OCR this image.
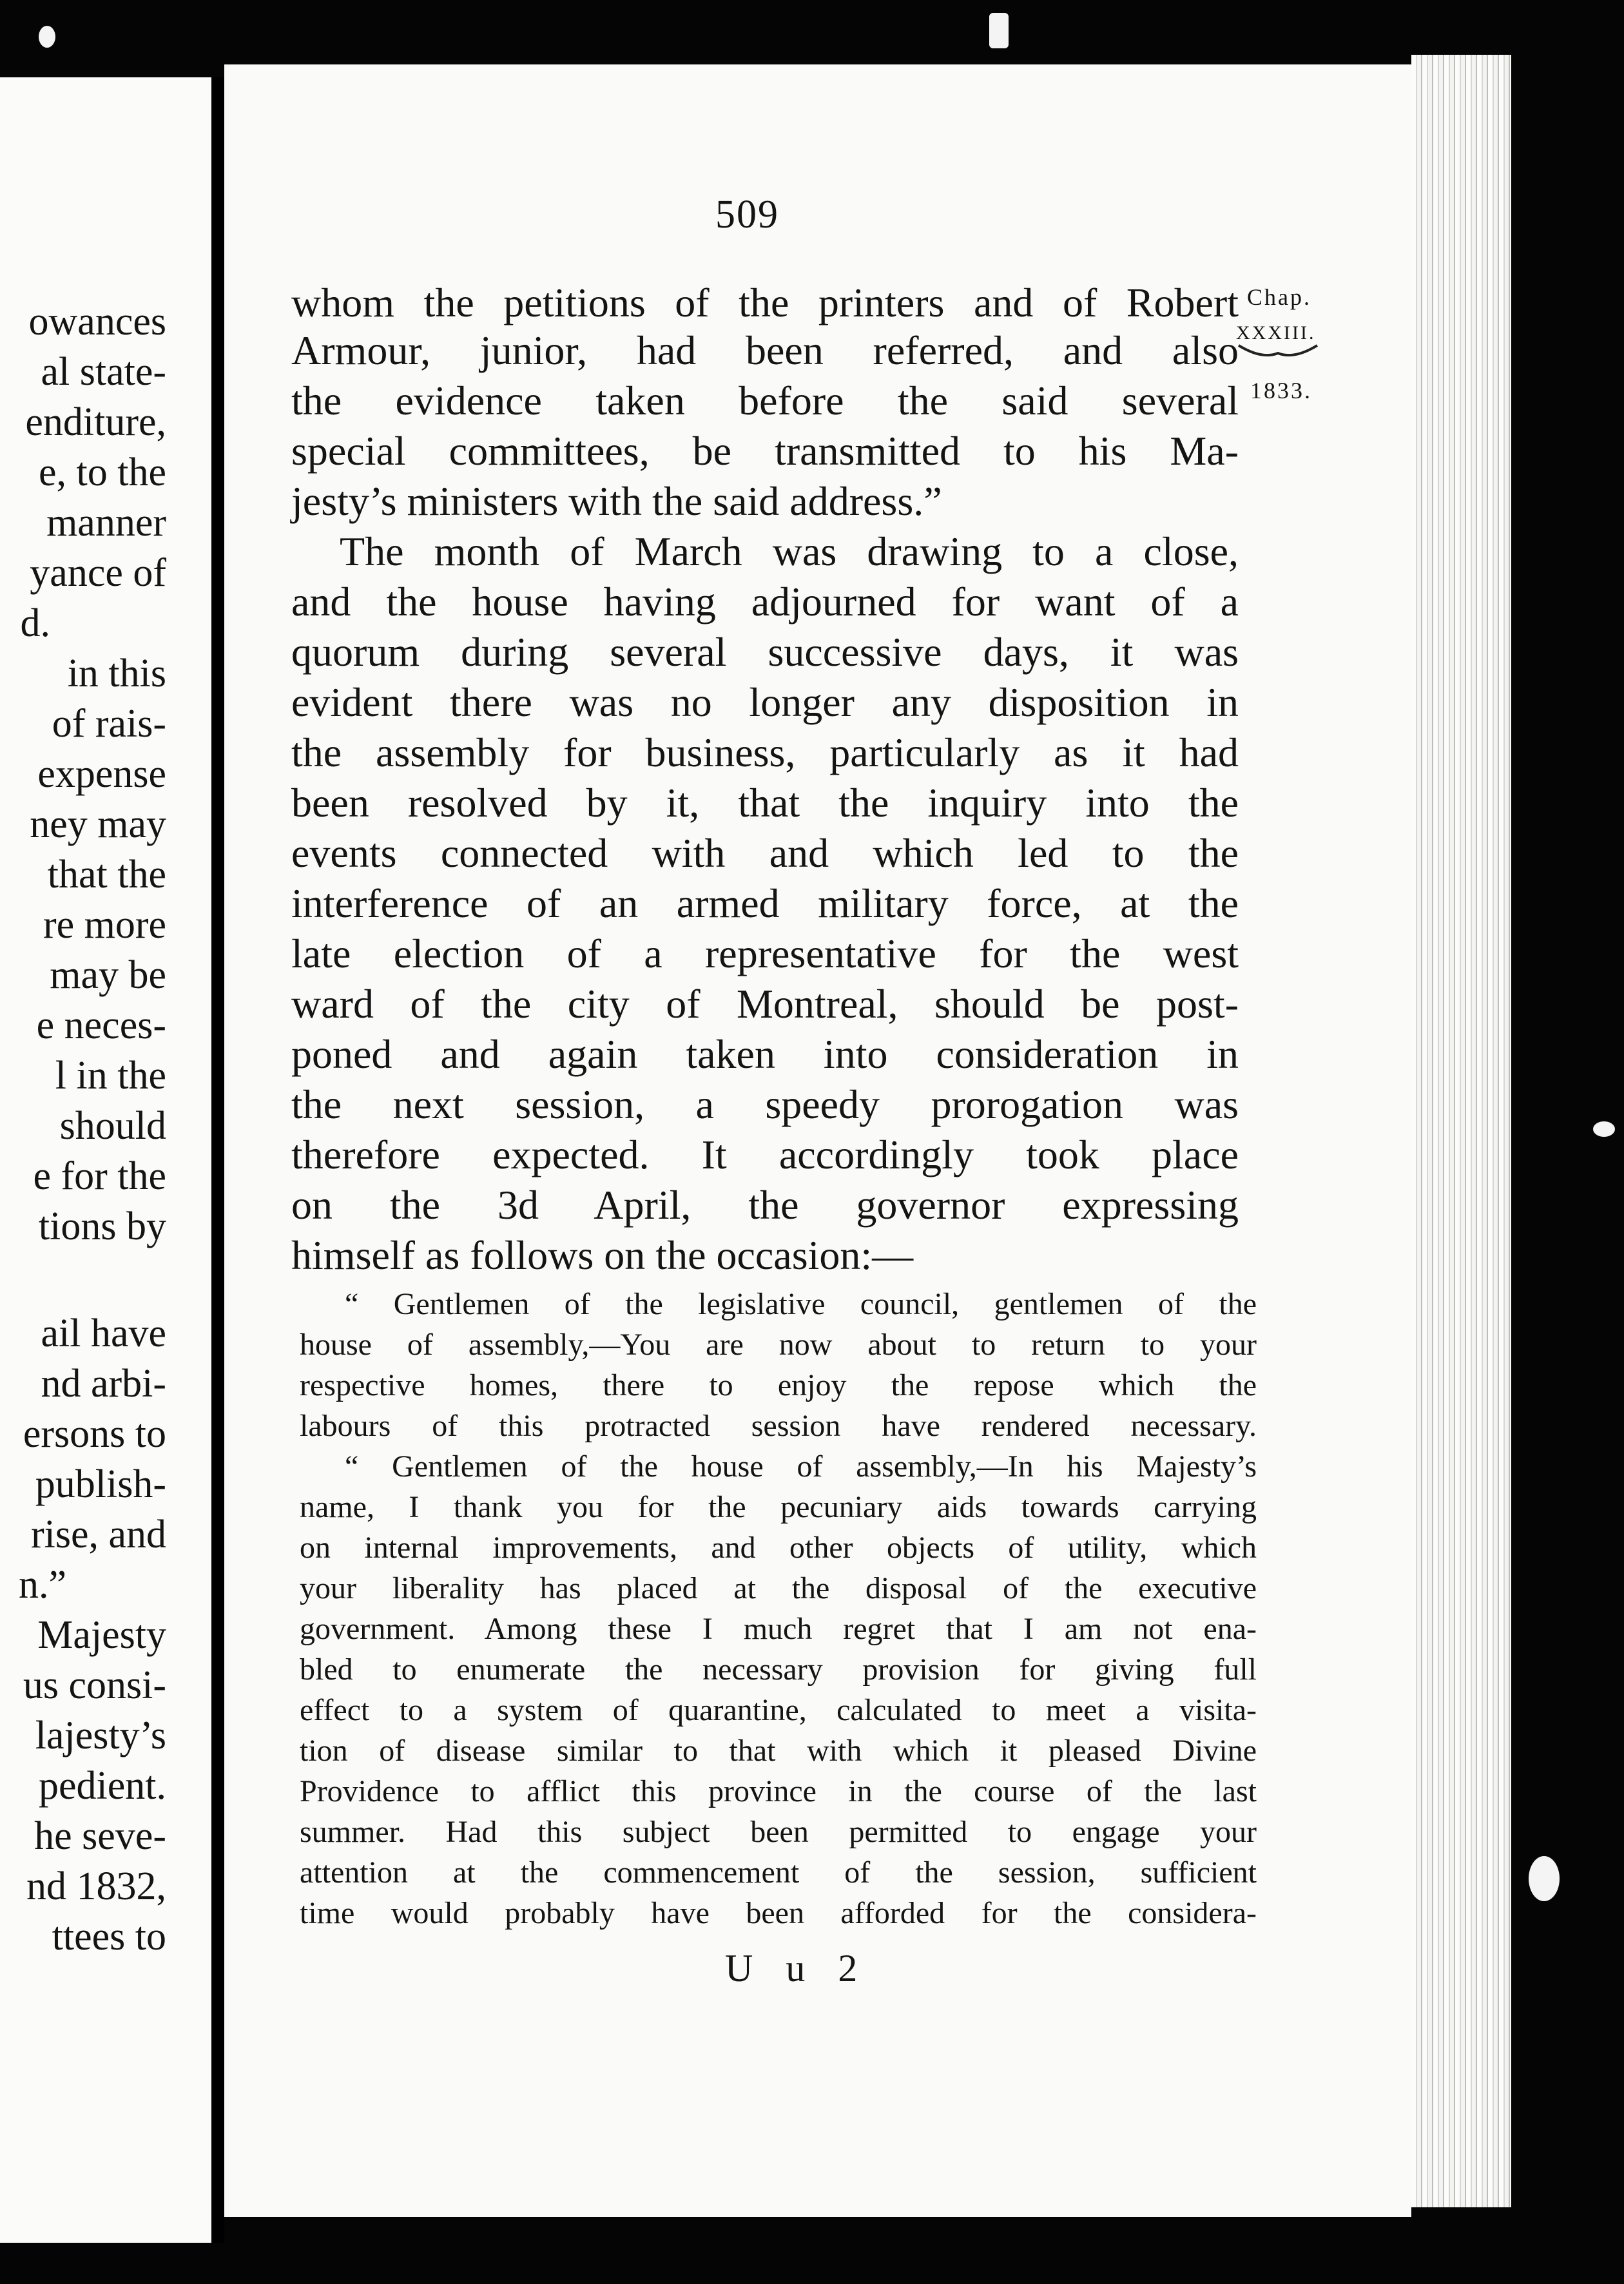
owances
al state-
enditure,
e, to the
manner
yance of
d.
in this
of rais-
expense
ney may
that the
re more
may be
e neces-
l in the
should
e for the
tions by
ail have
nd arbi-
ersons to
publish-
rise, and
n.”
Majesty
us consi-
lajesty’s
pedient.
he seve-
nd 1832,
ttees to
509
Chap.
XXXIII.
1833.
whom the petitions of the printers and of Robert
Armour, junior, had been referred, and also
the evidence taken before the said several
special committees, be transmitted to his Ma-
jesty’s ministers with the said address.”
The month of March was drawing to a close,
and the house having adjourned for want of a
quorum during several successive days, it was
evident there was no longer any disposition in
the assembly for business, particularly as it had
been resolved by it, that the inquiry into the
events connected with and which led to the
interference of an armed military force, at the
late election of a representative for the west
ward of the city of Montreal, should be post-
poned and again taken into consideration in
the next session, a speedy prorogation was
therefore expected. It accordingly took place
on the 3d April, the governor expressing
himself as follows on the occasion:—
“ Gentlemen of the legislative council, gentlemen of the
house of assembly,—You are now about to return to your
respective homes, there to enjoy the repose which the
labours of this protracted session have rendered necessary.
“ Gentlemen of the house of assembly,—In his Majesty’s
name, I thank you for the pecuniary aids towards carrying
on internal improvements, and other objects of utility, which
your liberality has placed at the disposal of the executive
government. Among these I much regret that I am not ena-
bled to enumerate the necessary provision for giving full
effect to a system of quarantine, calculated to meet a visita-
tion of disease similar to that with which it pleased Divine
Providence to afflict this province in the course of the last
summer. Had this subject been permitted to engage your
attention at the commencement of the session, sufficient
time would probably have been afforded for the considera-
U u 2
